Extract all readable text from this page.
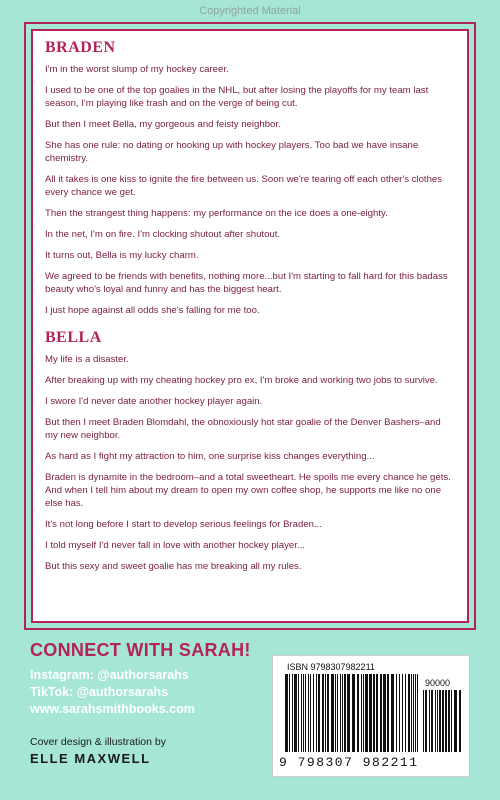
Copyrighted Material
BRADEN

I'm in the worst slump of my hockey career.

I used to be one of the top goalies in the NHL, but after losing the playoffs for my team last season, I'm playing like trash and on the verge of being cut.

But then I meet Bella, my gorgeous and feisty neighbor.

She has one rule: no dating or hooking up with hockey players. Too bad we have insane chemistry.

All it takes is one kiss to ignite the fire between us. Soon we're tearing off each other's clothes every chance we get.

Then the strangest thing happens: my performance on the ice does a one-eighty.

In the net, I'm on fire. I'm clocking shutout after shutout.

It turns out, Bella is my lucky charm.

We agreed to be friends with benefits, nothing more...but I'm starting to fall hard for this badass beauty who's loyal and funny and has the biggest heart.

I just hope against all odds she's falling for me too.

BELLA

My life is a disaster.

After breaking up with my cheating hockey pro ex, I'm broke and working two jobs to survive.

I swore I'd never date another hockey player again.

But then I meet Braden Blomdahl, the obnoxiously hot star goalie of the Denver Bashers–and my new neighbor.

As hard as I fight my attraction to him, one surprise kiss changes everything...

Braden is dynamite in the bedroom–and a total sweetheart. He spoils me every chance he gets. And when I tell him about my dream to open my own coffee shop, he supports me like no one else has.

It's not long before I start to develop serious feelings for Braden...

I told myself I'd never fall in love with another hockey player...

But this sexy and sweet goalie has me breaking all my rules.

CONNECT WITH SARAH!
Instagram: @authorsarahs
TikTok: @authorsarahs
www.sarahsmithbooks.com
Cover design & illustration by
ELLE MAXWELL
ISBN 9798307982211
90000
9 798307 982211
